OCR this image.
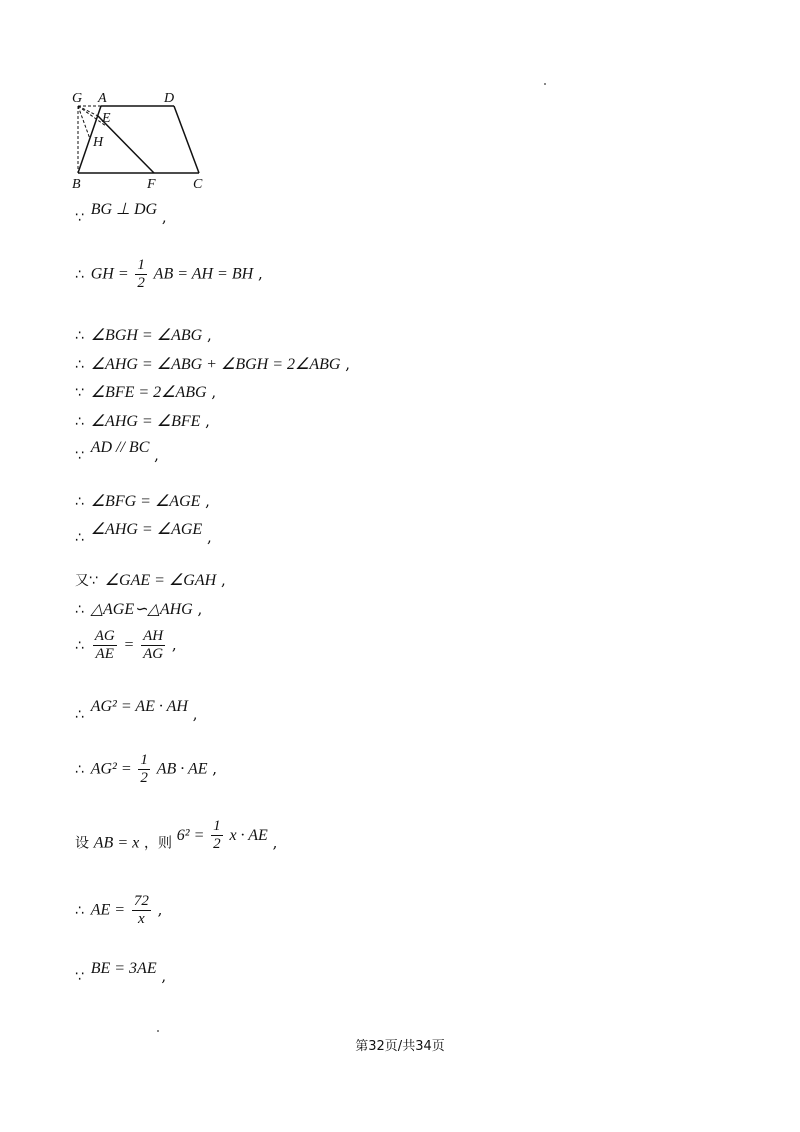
G A	D
E
H
B	F	C
∵ BG ⊥ DG ,
∴ GH = $\frac{1}{2}$ AB = AH = BH ,
∴ ∠BGH = ∠ABG ,
∴ ∠AHG = ∠ABG + ∠BGH = 2∠ABG ,
∵ ∠BFE = 2∠ABG ,
∴ ∠AHG = ∠BFE ,
∵ AD // BC ,
∴ ∠BFG = ∠AGE ,
∴ ∠AHG = ∠AGE ,
又∵ ∠GAE = ∠GAH ,
∴ △AGE∽△AHG ,
∴ $\frac{AG}{AE} = \frac{AH}{AG}$ ,
∴ AG² = AE · AH ,
∴ $AG^2 = \frac{1}{2}$ AB · AE ,
设 AB = x ，则 $6^2 = \frac{1}{2}$ x · AE ,
∴ AE = $\frac{72}{x}$ ,
∵ BE = 3AE ,
第32页/共34页
